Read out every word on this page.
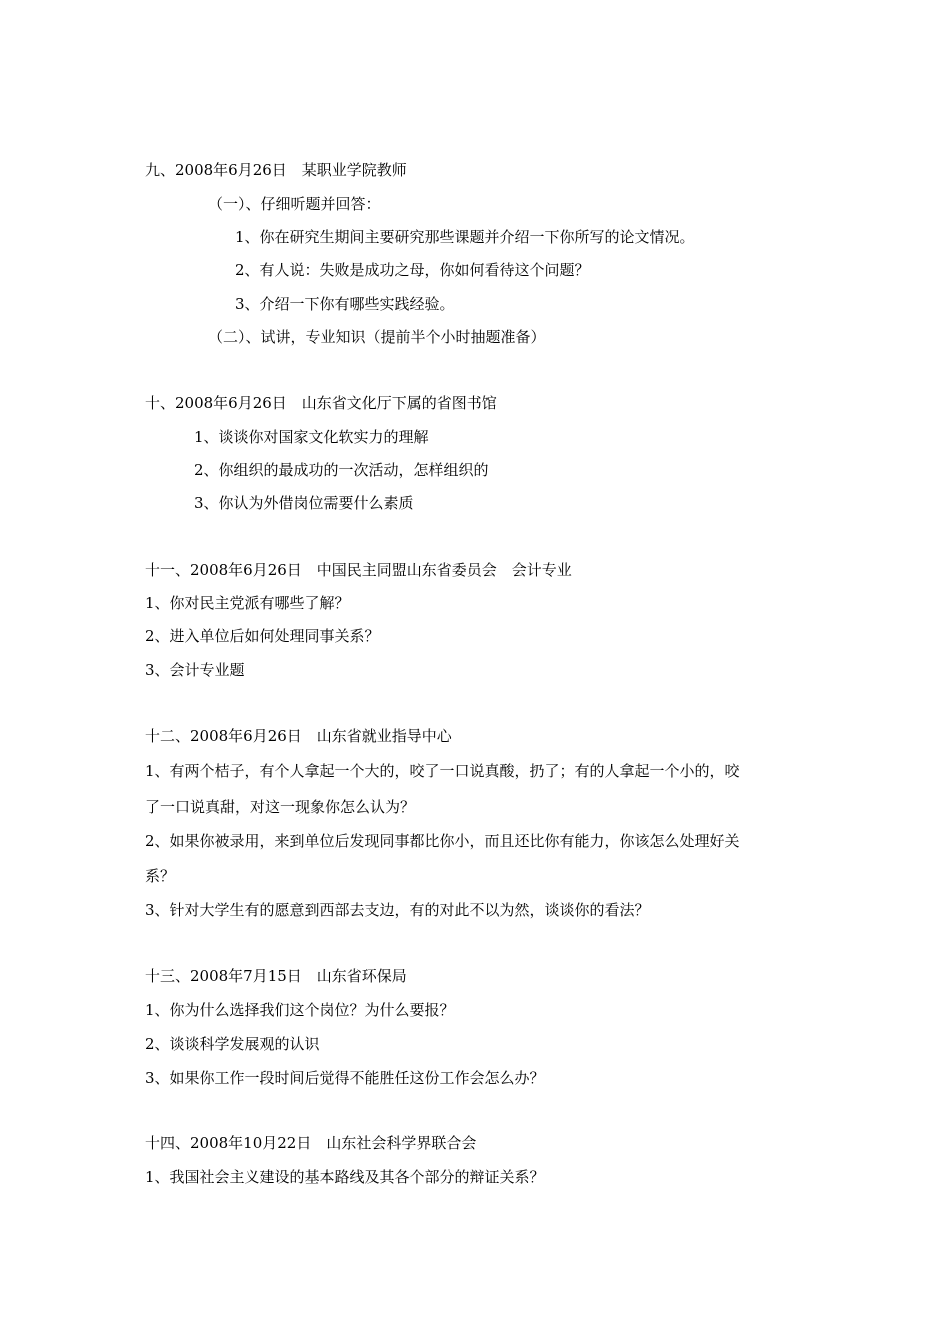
九、2008年6月26日　某职业学院教师
（一）、仔细听题并回答：
1、你在研究生期间主要研究那些课题并介绍一下你所写的论文情况。
2、有人说：失败是成功之母，你如何看待这个问题？
3、介绍一下你有哪些实践经验。
（二）、试讲，专业知识（提前半个小时抽题准备）
十、2008年6月26日　山东省文化厅下属的省图书馆
1、谈谈你对国家文化软实力的理解
2、你组织的最成功的一次活动，怎样组织的
3、你认为外借岗位需要什么素质
十一、2008年6月26日　中国民主同盟山东省委员会　会计专业
1、你对民主党派有哪些了解？
2、进入单位后如何处理同事关系？
3、会计专业题
十二、2008年6月26日　山东省就业指导中心
1、有两个桔子，有个人拿起一个大的，咬了一口说真酸，扔了；有的人拿起一个小的，咬
了一口说真甜，对这一现象你怎么认为？
2、如果你被录用，来到单位后发现同事都比你小，而且还比你有能力，你该怎么处理好关
系？
3、针对大学生有的愿意到西部去支边，有的对此不以为然，谈谈你的看法？
十三、2008年7月15日　山东省环保局
1、你为什么选择我们这个岗位？为什么要报？
2、谈谈科学发展观的认识
3、如果你工作一段时间后觉得不能胜任这份工作会怎么办？
十四、2008年10月22日　山东社会科学界联合会
1、我国社会主义建设的基本路线及其各个部分的辩证关系？
